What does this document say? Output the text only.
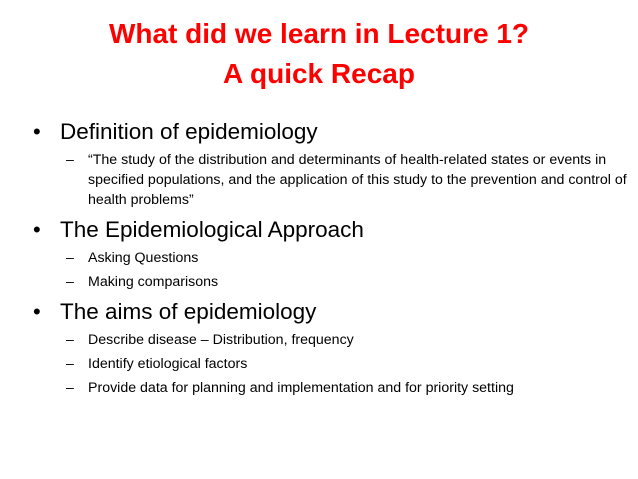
What did we learn in Lecture 1?
A quick Recap
• Definition of epidemiology
– “The study of the distribution and determinants of health-related states or events in specified populations, and the application of this study to the prevention and control of health problems”
• The Epidemiological Approach
– Asking Questions
– Making comparisons
• The aims of epidemiology
– Describe disease – Distribution, frequency
– Identify etiological factors
– Provide data for planning and implementation and for priority setting
